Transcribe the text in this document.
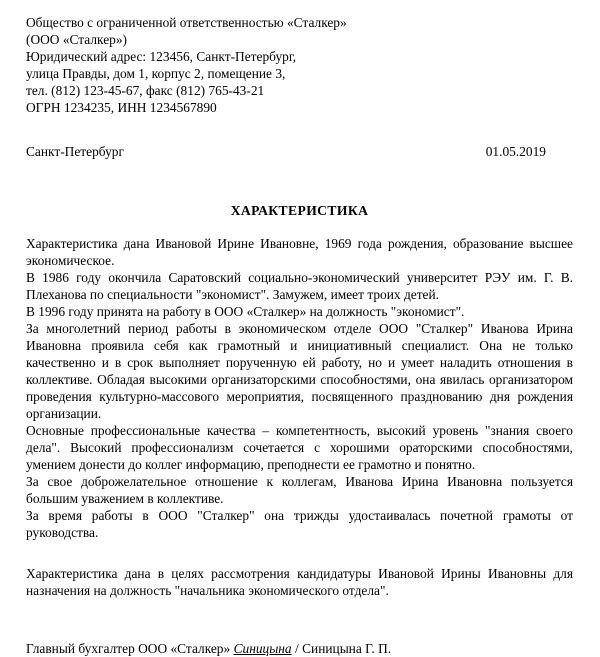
Общество с ограниченной ответственностью «Сталкер»
(ООО «Сталкер»)
Юридический адрес: 123456, Санкт-Петербург,
улица Правды, дом 1, корпус 2, помещение 3,
тел. (812) 123-45-67, факс (812) 765-43-21
ОГРН 1234235, ИНН 1234567890
Санкт-Петербург	01.05.2019
ХАРАКТЕРИСТИКА

Характеристика дана Ивановой Ирине Ивановне, 1969 года рождения, образование высшее экономическое.

В 1986 году окончила Саратовский социально-экономический университет РЭУ им. Г. В. Плеханова по специальности "экономист". Замужем, имеет троих детей.

В 1996 году принята на работу в ООО «Сталкер» на должность "экономист".

За многолетний период работы в экономическом отделе ООО "Сталкер" Иванова Ирина Ивановна проявила себя как грамотный и инициативный специалист. Она не только качественно и в срок выполняет порученную ей работу, но и умеет наладить отношения в коллективе. Обладая высокими организаторскими способностями, она явилась организатором проведения культурно-массового мероприятия, посвященного празднованию дня рождения организации.

Основные профессиональные качества – компетентность, высокий уровень "знания своего дела". Высокий профессионализм сочетается с хорошими ораторскими способностями, умением донести до коллег информацию, преподнести ее грамотно и понятно.

За свое доброжелательное отношение к коллегам, Иванова Ирина Ивановна пользуется большим уважением в коллективе.

За время работы в ООО "Сталкер" она трижды удостаивалась почетной грамоты от руководства.

Характеристика дана в целях рассмотрения кандидатуры Ивановой Ирины Ивановны для назначения на должность "начальника экономического отдела".

Главный бухгалтер ООО «Сталкер» Синицына / Синицына Г. П.
